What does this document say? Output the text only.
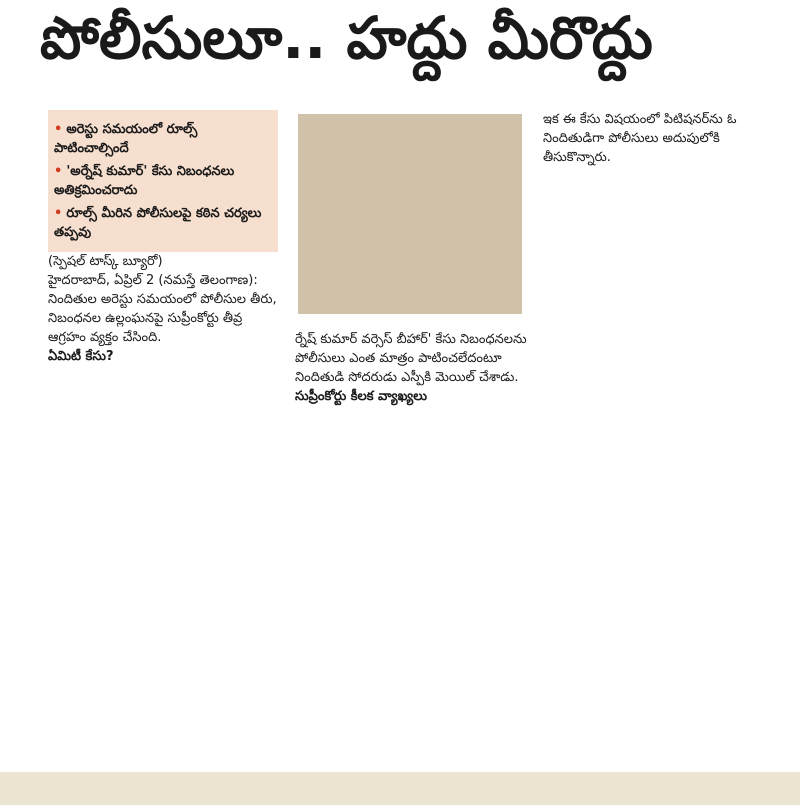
పోలీసులూ.. హద్దు మీరొద్దు
• అరెస్టు సమయంలో రూల్స్ పాటించాల్సిందే
• 'అర్నేష్ కుమార్' కేసు నిబంధనలు అతిక్రమించరాదు
• రూల్స్ మీరిన పోలీసులపై కఠిన చర్యలు తప్పవు
(స్పెషల్ టాస్క్ బ్యూరో)

హైదరాబాద్, ఏప్రిల్ 2 (నమస్తే తెలంగాణ):

నిందితుల అరెస్టు సమయంలో పోలీసుల తీరు, నిబంధనల ఉల్లంఘనపై సుప్రీంకోర్టు తీవ్ర ఆగ్రహం వ్యక్తం చేసింది.

ఏమిటీ కేసు?

ర్నేష్ కుమార్ వర్సెస్ బీహార్' కేసు నిబంధనలను పోలీసులు ఎంత మాత్రం పాటించలేదంటూ నిందితుడి సోదరుడు ఎస్పీకి మెయిల్ చేశాడు.

సుప్రీంకోర్టు కీలక వ్యాఖ్యలు

ఇక ఈ కేసు విషయంలో పిటిషనర్‌ను ఓ నిందితుడిగా పోలీసులు అదుపులోకి తీసుకొన్నారు.
